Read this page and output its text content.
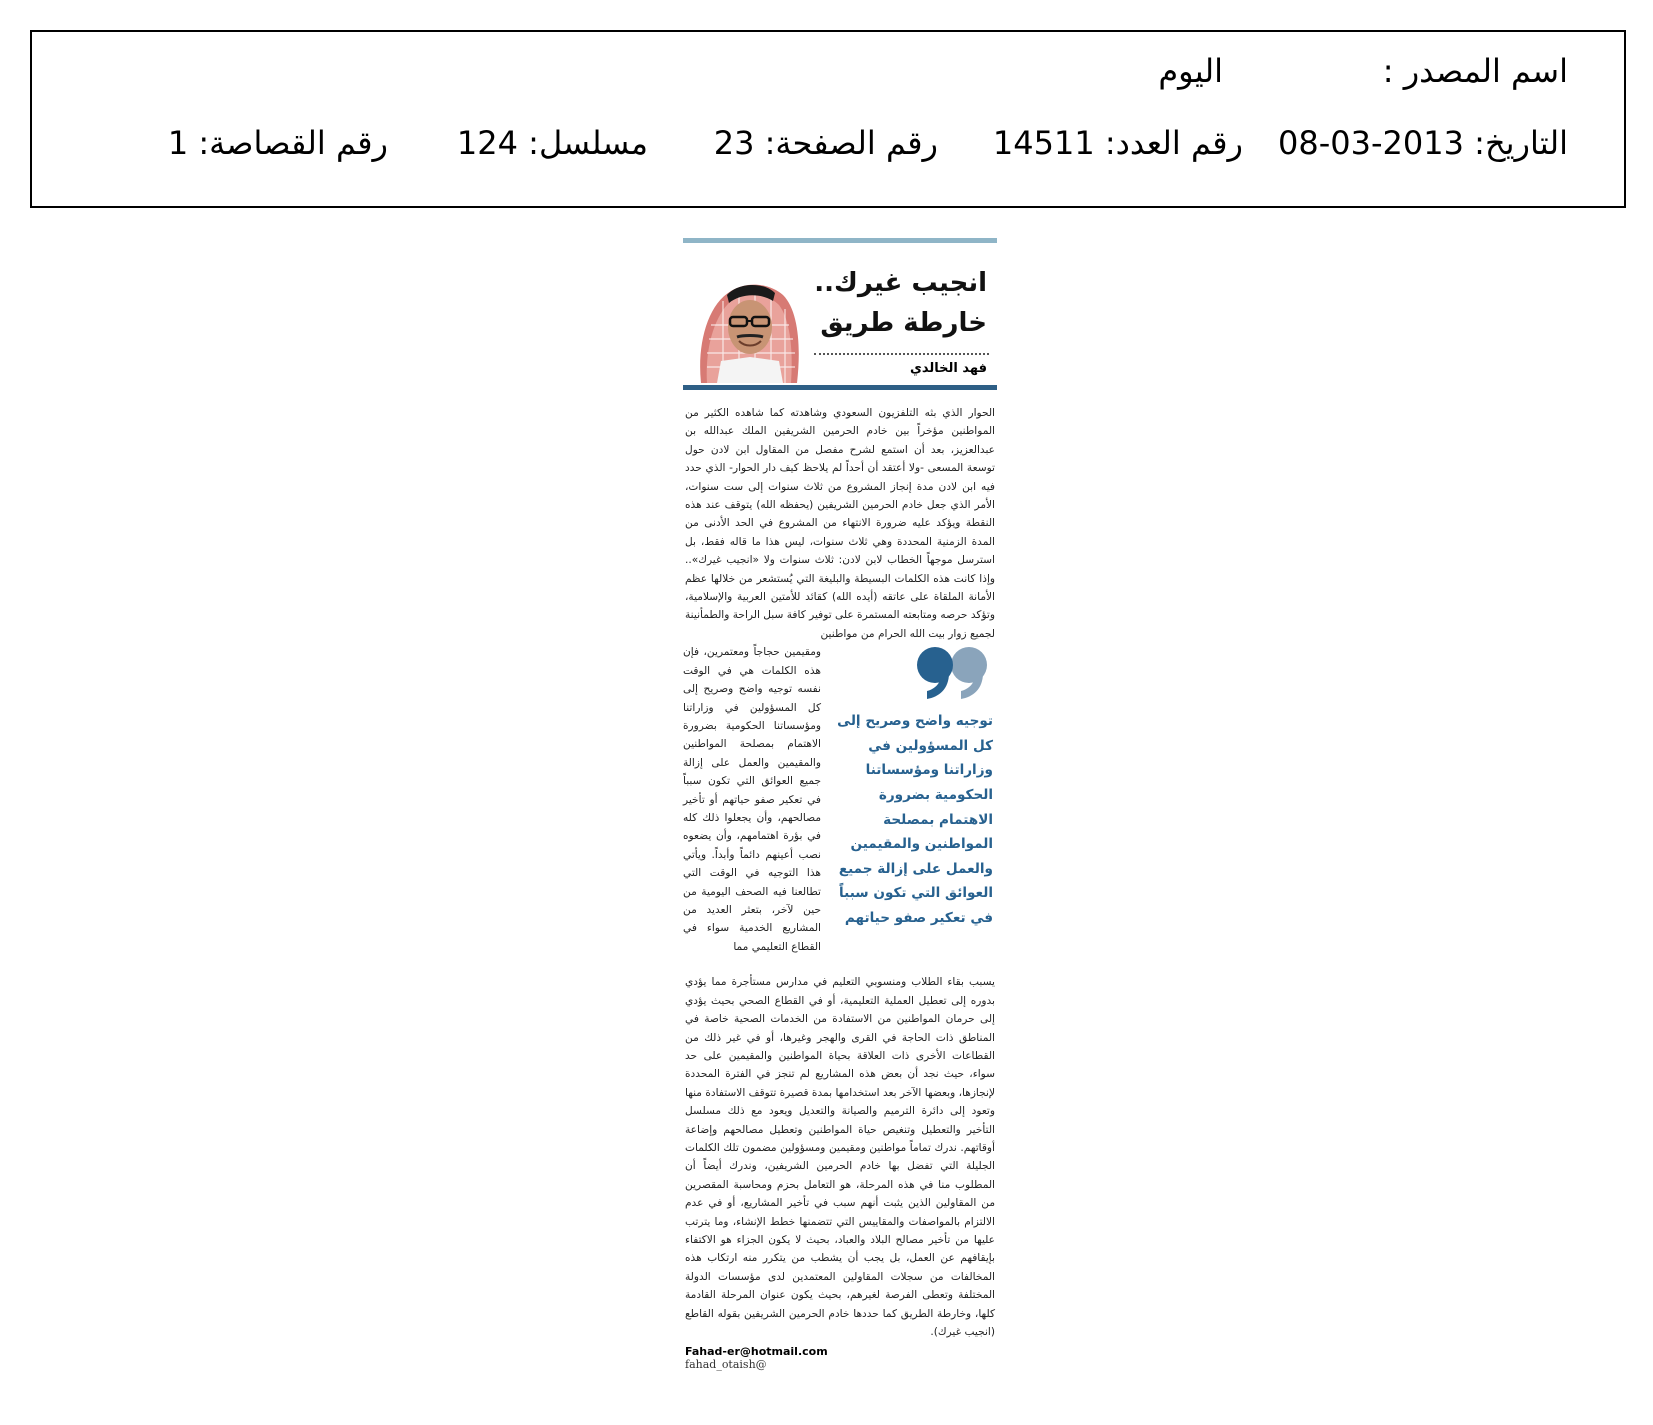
اسم المصدر :
اليوم
التاريخ: 2013-03-08
رقم العدد: 14511
رقم الصفحة: 23
مسلسل: 124
رقم القصاصة: 1
انجيب غيرك..
خارطة طريق
فهد الخالدي

الحوار الذي بثه التلفزيون السعودي وشاهدته كما شاهده الكثير من المواطنين مؤخراً بين خادم الحرمين الشريفين الملك عبدالله بن عبدالعزيز، بعد أن استمع لشرح مفصل من المقاول ابن لادن حول توسعة المسعى -ولا أعتقد أن أحداً لم يلاحظ كيف دار الحوار- الذي حدد فيه ابن لادن مدة إنجاز المشروع من ثلاث سنوات إلى ست سنوات، الأمر الذي جعل خادم الحرمين الشريفين (يحفظه الله) يتوقف عند هذه النقطة ويؤكد عليه ضرورة الانتهاء من المشروع في الحد الأدنى من المدة الزمنية المحددة وهي ثلاث سنوات، ليس هذا ما قاله فقط، بل استرسل موجهاً الخطاب لابن لادن: ثلاث سنوات ولا «انجيب غيرك».. وإذا كانت هذه الكلمات البسيطة والبليغة التي يُستشعر من خلالها عظم الأمانة الملقاة على عاتقه (أيده الله) كقائد للأمتين العربية والإسلامية، وتؤكد حرصه ومتابعته المستمرة على توفير كافة سبل الراحة والطمأنينة لجميع زوار بيت الله الحرام من مواطنين

ومقيمين حجاجاً ومعتمرين، فإن هذه الكلمات هي في الوقت نفسه توجيه واضح وصريح إلى كل المسؤولين في وزاراتنا ومؤسساتنا الحكومية بضرورة الاهتمام بمصلحة المواطنين والمقيمين والعمل على إزالة جميع العوائق التي تكون سبباً في تعكير صفو حياتهم أو تأخير مصالحهم، وأن يجعلوا ذلك كله في بؤرة اهتمامهم، وأن يضعوه نصب أعينهم دائماً وأبداً. ويأتي هذا التوجيه في الوقت التي تطالعنا فيه الصحف اليومية من حين لآخر، بتعثر العديد من المشاريع الخدمية سواء في القطاع التعليمي مما
توجيه واضح وصريح إلى كل المسؤولين في وزاراتنا ومؤسساتنا الحكومية بضرورة الاهتمام بمصلحة المواطنين والمقيمين والعمل على إزالة جميع العوائق التي تكون سبباً في تعكير صفو حياتهم

يسبب بقاء الطلاب ومنسوبي التعليم في مدارس مستأجرة مما يؤدي بدوره إلى تعطيل العملية التعليمية، أو في القطاع الصحي بحيث يؤدي إلى حرمان المواطنين من الاستفادة من الخدمات الصحية خاصة في المناطق ذات الحاجة في القرى والهجر وغيرها، أو في غير ذلك من القطاعات الأخرى ذات العلاقة بحياة المواطنين والمقيمين على حد سواء، حيث نجد أن بعض هذه المشاريع لم تنجز في الفترة المحددة لإنجازها، وبعضها الآخر بعد استخدامها بمدة قصيرة تتوقف الاستفادة منها وتعود إلى دائرة الترميم والصيانة والتعديل ويعود مع ذلك مسلسل التأخير والتعطيل وتنغيص حياة المواطنين وتعطيل مصالحهم وإضاعة أوقاتهم. ندرك تماماً مواطنين ومقيمين ومسؤولين مضمون تلك الكلمات الجليلة التي تفضل بها خادم الحرمين الشريفين، وندرك أيضاً أن المطلوب منا في هذه المرحلة، هو التعامل بحزم ومحاسبة المقصرين من المقاولين الذين يثبت أنهم سبب في تأخير المشاريع، أو في عدم الالتزام بالمواصفات والمقاييس التي تتضمنها خطط الإنشاء، وما يترتب عليها من تأخير مصالح البلاد والعباد، بحيث لا يكون الجزاء هو الاكتفاء بإيقافهم عن العمل، بل يجب أن يشطب من يتكرر منه ارتكاب هذه المخالفات من سجلات المقاولين المعتمدين لدى مؤسسات الدولة المختلفة وتعطى الفرصة لغيرهم، بحيث يكون عنوان المرحلة القادمة كلها، وخارطة الطريق كما حددها خادم الحرمين الشريفين بقوله القاطع (انجيب غيرك).

Fahad-er@hotmail.com
fahad_otaish@
